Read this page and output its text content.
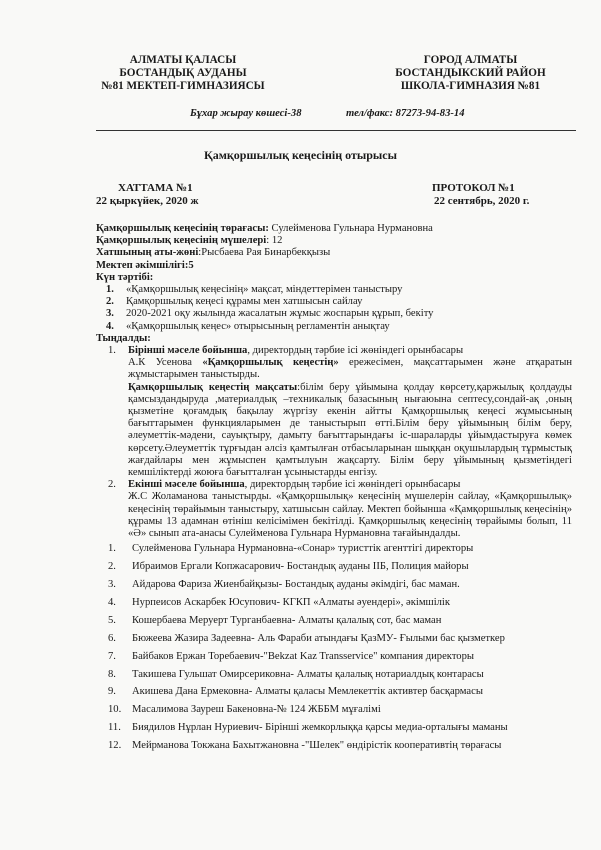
АЛМАТЫ ҚАЛАСЫ
БОСТАНДЫҚ АУДАНЫ
№81 МЕКТЕП-ГИМНАЗИЯСЫ
ГОРОД АЛМАТЫ
БОСТАНДЫКСКИЙ РАЙОН
ШКОЛА-ГИМНАЗИЯ №81
Бұхар жырау көшесі-38	тел/факс: 87273-94-83-14
Қамқоршылық кеңесінің отырысы
ХАТТАМА №1
22 қыркүйек, 2020 ж
ПРОТОКОЛ №1
22 сентябрь, 2020 г.

Қамқоршылық кеңесінің төрағасы: Сулейменова Гульнара Нурмановна

Қамқоршылық кеңесінің мүшелері: 12

Хатшының аты-жөні:Рысбаева Рая Бинарбекқызы

Мектеп әкімшілігі:5

Күн тәртібі:

1.	«Қамқоршылық кеңесінің» мақсат, міндеттерімен таныстыру
2.	Қамқоршылық кеңесі құрамы мен хатшысын сайлау
3.	2020-2021 оқу жылында жасалатын жұмыс жоспарын құрып, бекіту
4.	«Қамқоршылық кеңес» отырысының регламентін анықтау

Тыңдалды:

1.	Бірінші мәселе бойынша, директордың тәрбие ісі жөніндегі орынбасары

А.К Усенова «Қамқоршылық кеңестің» ережесімен, мақсаттарымен және атқаратын жұмыстарымен таныстырды.

Қамқоршылық кеңестің мақсаты:білім беру ұйымына қолдау көрсету,қаржылық қолдауды қамсыздандыруда ,материалдық –техникалық базасының нығаюына септесу,сондай-ақ ,оның қызметіне қоғамдық бақылау жүргізу екенін айтты Қамқоршылық кеңесі жұмысының бағыттарымен функцияларымен де таныстырып өтті.Білім беру ұйымының білім беру, әлеуметтік-мәдени, сауықтыру, дамыту бағыттарындағы іс-шараларды ұйымдастыруға көмек көрсету.Әлеуметтік тұрғыдан әлсіз қамтылған отбасыларынан шыққан оқушылардың тұрмыстық жағдайлары мен жұмыспен қамтылуын жақсарту. Білім беру ұйымының қызметіндегі кемшіліктерді жоюға бағытталған ұсыныстарды енгізу.

2.	Екінші мәселе бойынша, директордың тәрбие ісі жөніндегі орынбасары

Ж.С Жоламанова таныстырды. «Қамқоршылық» кеңесінің мүшелерін сайлау, «Қамқоршылық» кеңесінің төрайымын таныстыру, хатшысын сайлау. Мектеп бойынша «Қамқоршылық кеңесінің» құрамы 13 адамнан өтініш келісімімен бекітілді. Қамқоршылық кеңесінің төрайымы болып, 11 «Ә» сынып ата-анасы Сулейменова Гульнара Нурмановна тағайындалды.

1.	Сулейменова Гульнара Нурмановна-«Сонар» туристтік агенттігі директоры
2.	Ибраимов Ергали Копжасарович- Бостандық ауданы ІІБ, Полиция майоры
3.	Айдарова Фариза Жиенбайқызы- Бостандық ауданы әкімдігі, бас маман.
4.	Нурпеисов Аскарбек Юсупович- КГКП «Алматы әуендері», әкімшілік
5.	Кошербаева Меруерт Турганбаевна- Алматы қалалық сот, бас маман
6.	Бюжеева Жазира Задеевна- Аль Фараби атындағы ҚазМУ- Ғылыми бас қызметкер
7.	Байбаков Ержан Торебаевич-"Bekzat Kaz Transservice" компания директоры
8.	Такишева Гульшат Омирсериковна- Алматы қалалық нотариалдық контарасы
9.	Акишева Дана Ермековна- Алматы қаласы Мемлекеттік активтер басқармасы
10.	Масалимова Зауреш Бакеновна-№ 124 ЖББМ мұғалімі
11.	Биядилов Нұрлан Нуриевич- Бірінші жемкорлыққа қарсы медиа-орталығы маманы
12.	Мейрманова Токжана Бахытжановна -"Шелек" өндірістік кооперативтің төрағасы
